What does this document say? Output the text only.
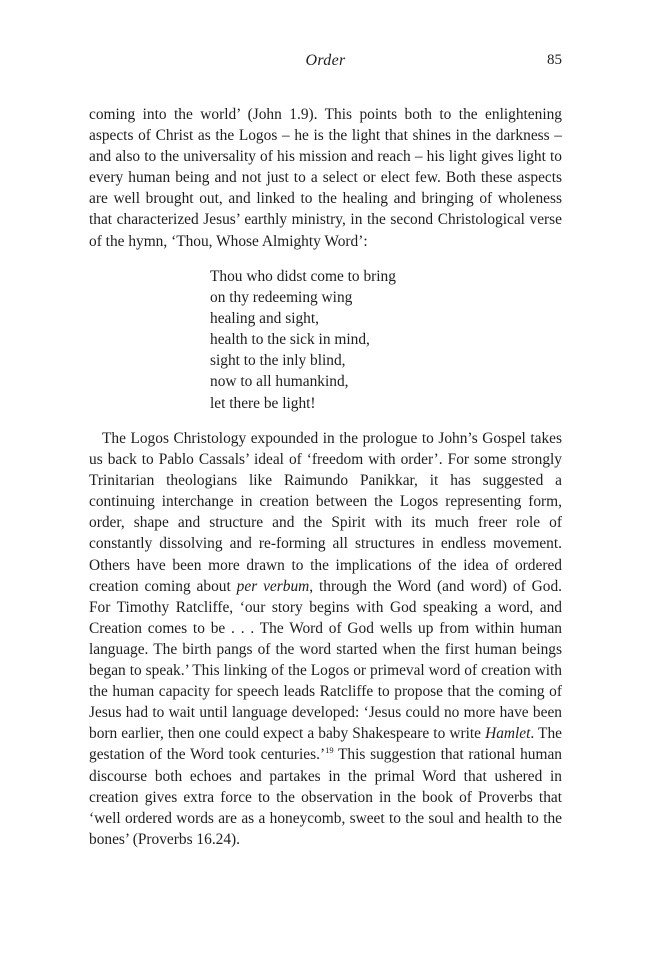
Order	85

coming into the world’ (John 1.9). This points both to the enlightening aspects of Christ as the Logos – he is the light that shines in the darkness – and also to the universality of his mission and reach – his light gives light to every human being and not just to a select or elect few. Both these aspects are well brought out, and linked to the healing and bringing of wholeness that characterized Jesus’ earthly ministry, in the second Christological verse of the hymn, ‘Thou, Whose Almighty Word’:

Thou who didst come to bring
on thy redeeming wing
healing and sight,
health to the sick in mind,
sight to the inly blind,
now to all humankind,
let there be light!

The Logos Christology expounded in the prologue to John’s Gospel takes us back to Pablo Cassals’ ideal of ‘freedom with order’. For some strongly Trinitarian theologians like Raimundo Panikkar, it has suggested a continuing interchange in creation between the Logos representing form, order, shape and structure and the Spirit with its much freer role of constantly dissolving and re-forming all structures in endless movement. Others have been more drawn to the implications of the idea of ordered creation coming about per verbum, through the Word (and word) of God. For Timothy Ratcliffe, ‘our story begins with God speaking a word, and Creation comes to be . . . The Word of God wells up from within human language. The birth pangs of the word started when the first human beings began to speak.’ This linking of the Logos or primeval word of creation with the human capacity for speech leads Ratcliffe to propose that the coming of Jesus had to wait until language developed: ‘Jesus could no more have been born earlier, then one could expect a baby Shakespeare to write Hamlet. The gestation of the Word took centuries.’$^{19}$ This suggestion that rational human discourse both echoes and partakes in the primal Word that ushered in creation gives extra force to the observation in the book of Proverbs that ‘well ordered words are as a honeycomb, sweet to the soul and health to the bones’ (Proverbs 16.24).
